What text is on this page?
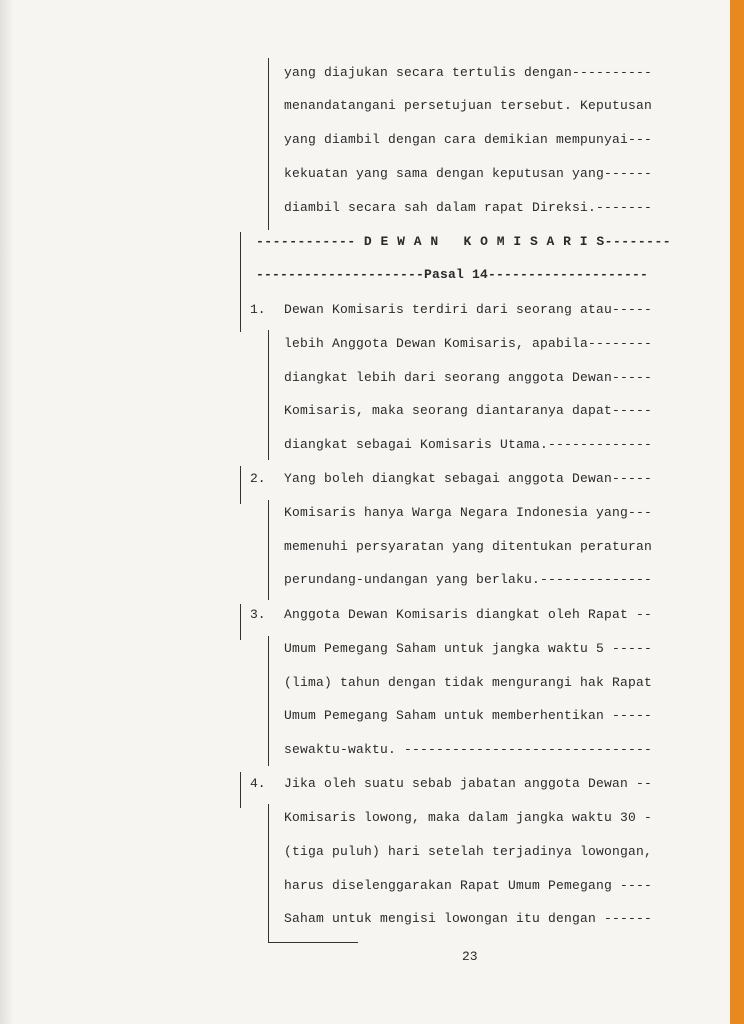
yang diajukan secara tertulis dengan----------
menandatangani persetujuan tersebut. Keputusan
yang diambil dengan cara demikian mempunyai---
kekuatan yang sama dengan keputusan yang------
diambil secara sah dalam rapat Direksi.-------
------------ D E W A N   K O M I S A R I S--------
---------------------Pasal 14--------------------
1. Dewan Komisaris terdiri dari seorang atau-----
lebih Anggota Dewan Komisaris, apabila--------
diangkat lebih dari seorang anggota Dewan-----
Komisaris, maka seorang diantaranya dapat-----
diangkat sebagai Komisaris Utama.-------------
2. Yang boleh diangkat sebagai anggota Dewan-----
Komisaris hanya Warga Negara Indonesia yang---
memenuhi persyaratan yang ditentukan peraturan
perundang-undangan yang berlaku.--------------
3. Anggota Dewan Komisaris diangkat oleh Rapat --
Umum Pemegang Saham untuk jangka waktu 5 -----
(lima) tahun dengan tidak mengurangi hak Rapat
Umum Pemegang Saham untuk memberhentikan -----
sewaktu-waktu. -------------------------------
4. Jika oleh suatu sebab jabatan anggota Dewan --
Komisaris lowong, maka dalam jangka waktu 30 -
(tiga puluh) hari setelah terjadinya lowongan,
harus diselenggarakan Rapat Umum Pemegang ----
Saham untuk mengisi lowongan itu dengan ------
23
